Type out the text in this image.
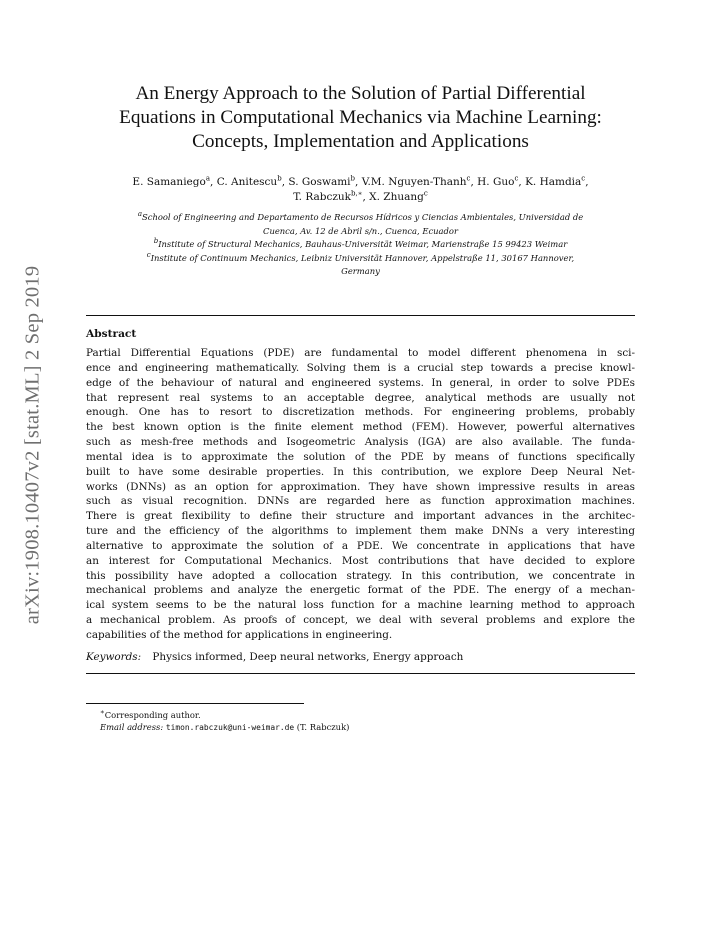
arXiv:1908.10407v2 [stat.ML] 2 Sep 2019
An Energy Approach to the Solution of Partial Differential
Equations in Computational Mechanics via Machine Learning:
Concepts, Implementation and Applications
E. Samaniego$^a$, C. Anitescu$^b$, S. Goswami$^b$, V.M. Nguyen-Thanh$^c$, H. Guo$^c$, K. Hamdia$^c$,
T. Rabczuk$^{b,∗}$, X. Zhuang$^c$
$^a$School of Engineering and Departamento de Recursos Hídricos y Ciencias Ambientales, Universidad de
Cuenca, Av. 12 de Abril s/n., Cuenca, Ecuador
$^b$Institute of Structural Mechanics, Bauhaus-Universität Weimar, Marienstraße 15 99423 Weimar
$^c$Institute of Continuum Mechanics, Leibniz Universität Hannover, Appelstraße 11, 30167 Hannover,
Germany
Abstract
Partial Differential Equations (PDE) are fundamental to model different phenomena in sci-
ence and engineering mathematically. Solving them is a crucial step towards a precise knowl-
edge of the behaviour of natural and engineered systems. In general, in order to solve PDEs
that represent real systems to an acceptable degree, analytical methods are usually not
enough. One has to resort to discretization methods. For engineering problems, probably
the best known option is the finite element method (FEM). However, powerful alternatives
such as mesh-free methods and Isogeometric Analysis (IGA) are also available. The funda-
mental idea is to approximate the solution of the PDE by means of functions specifically
built to have some desirable properties. In this contribution, we explore Deep Neural Net-
works (DNNs) as an option for approximation. They have shown impressive results in areas
such as visual recognition. DNNs are regarded here as function approximation machines.
There is great flexibility to define their structure and important advances in the architec-
ture and the efficiency of the algorithms to implement them make DNNs a very interesting
alternative to approximate the solution of a PDE. We concentrate in applications that have
an interest for Computational Mechanics. Most contributions that have decided to explore
this possibility have adopted a collocation strategy. In this contribution, we concentrate in
mechanical problems and analyze the energetic format of the PDE. The energy of a mechan-
ical system seems to be the natural loss function for a machine learning method to approach
a mechanical problem. As proofs of concept, we deal with several problems and explore the
capabilities of the method for applications in engineering.
Keywords: Physics informed, Deep neural networks, Energy approach
∗Corresponding author.
Email address: timon.rabczuk@uni-weimar.de (T. Rabczuk)
